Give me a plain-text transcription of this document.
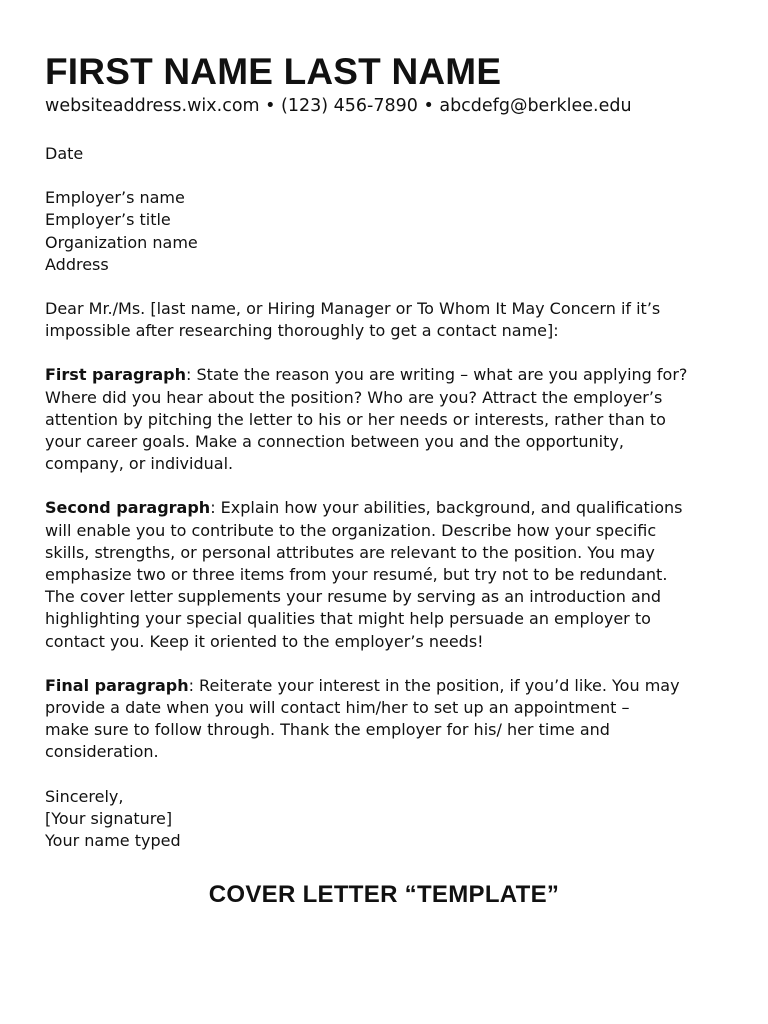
FIRST NAME LAST NAME
websiteaddress.wix.com • (123) 456-7890 • abcdefg@berklee.edu
Date
Employer’s name
Employer’s title
Organization name
Address
Dear Mr./Ms. [last name, or Hiring Manager or To Whom It May Concern if it’s
impossible after researching thoroughly to get a contact name]:
First paragraph: State the reason you are writing – what are you applying for?
Where did you hear about the position? Who are you? Attract the employer’s
attention by pitching the letter to his or her needs or interests, rather than to
your career goals. Make a connection between you and the opportunity,
company, or individual.
Second paragraph: Explain how your abilities, background, and qualifications
will enable you to contribute to the organization. Describe how your specific
skills, strengths, or personal attributes are relevant to the position. You may
emphasize two or three items from your resumé, but try not to be redundant.
The cover letter supplements your resume by serving as an introduction and
highlighting your special qualities that might help persuade an employer to
contact you. Keep it oriented to the employer’s needs!
Final paragraph: Reiterate your interest in the position, if you’d like. You may
provide a date when you will contact him/her to set up an appointment –
make sure to follow through. Thank the employer for his/ her time and
consideration.
Sincerely,
[Your signature]
Your name typed
COVER LETTER “TEMPLATE”
